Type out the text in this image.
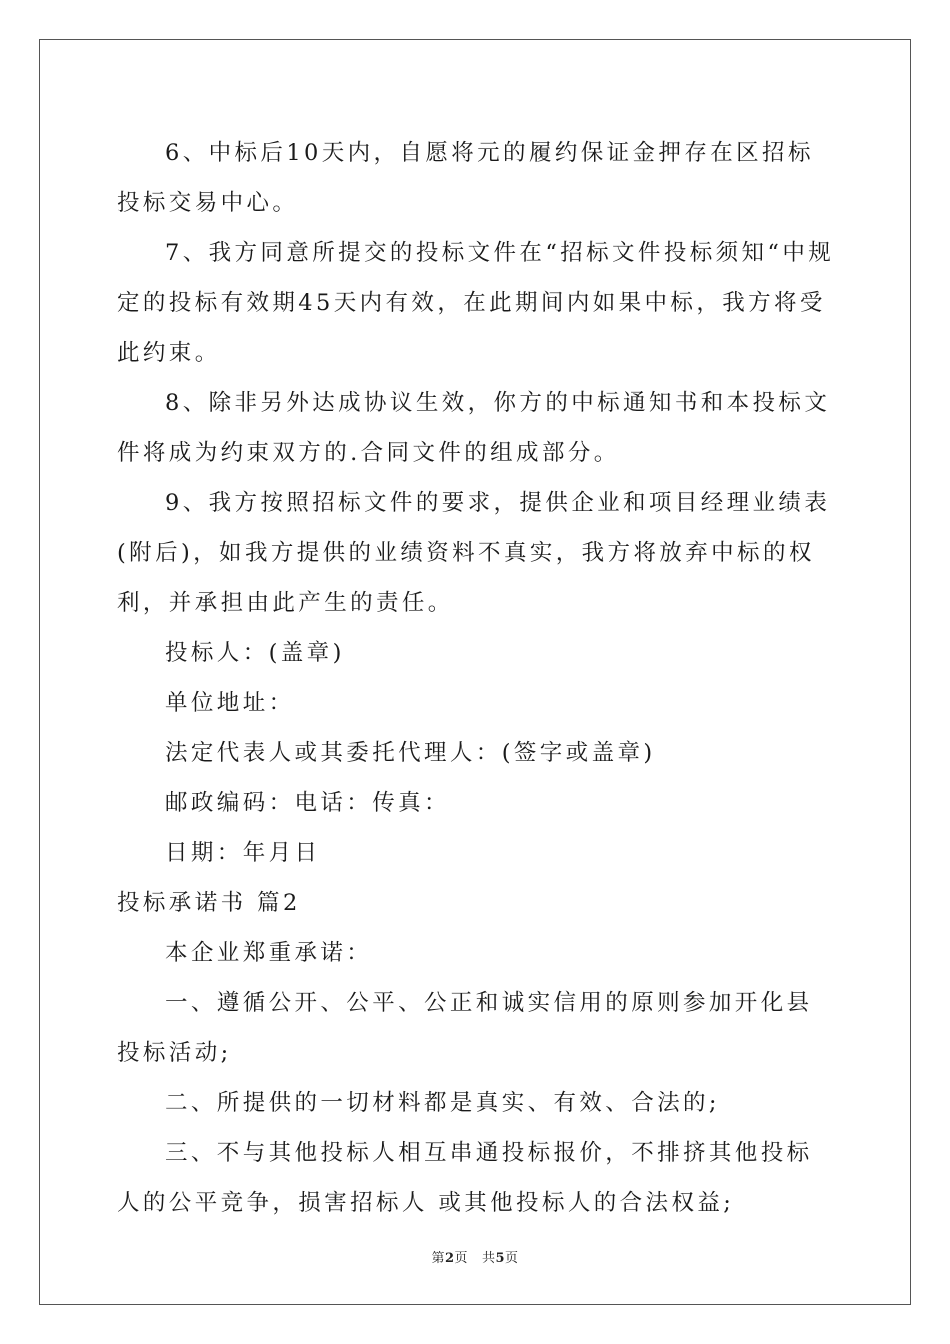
6、中标后10天内，自愿将元的履约保证金押存在区招标投标交易中心。

7、我方同意所提交的投标文件在“招标文件投标须知“中规定的投标有效期45天内有效，在此期间内如果中标，我方将受此约束。

8、除非另外达成协议生效，你方的中标通知书和本投标文件将成为约束双方的.合同文件的组成部分。

9、我方按照招标文件的要求，提供企业和项目经理业绩表(附后)，如我方提供的业绩资料不真实，我方将放弃中标的权利，并承担由此产生的责任。

投标人：(盖章)

单位地址：

法定代表人或其委托代理人：(签字或盖章)

邮政编码：电话：传真：

日期：年月日

投标承诺书 篇2

本企业郑重承诺：

一、遵循公开、公平、公正和诚实信用的原则参加开化县投标活动;

二、所提供的一切材料都是真实、有效、合法的;

三、不与其他投标人相互串通投标报价，不排挤其他投标人的公平竞争，损害招标人 或其他投标人的合法权益;

第2页   共5页
